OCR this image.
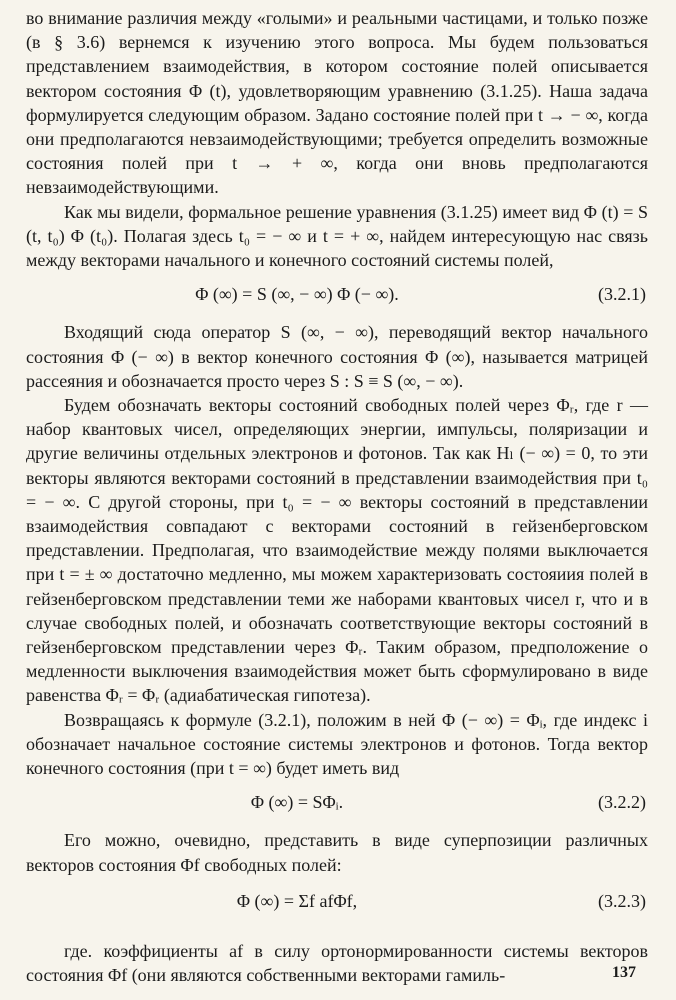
во внимание различия между «голыми» и реальными частицами, и только позже (в § 3.6) вернемся к изучению этого вопроса. Мы будем пользоваться представлением взаимодействия, в котором состояние полей описывается вектором состояния Φ (t), удовлетворяющим уравнению (3.1.25). Наша задача формулируется следующим образом. Задано состояние полей при t → − ∞, когда они предполагаются невзаимодействующими; требуется определить возможные состояния полей при t → + ∞, когда они вновь предполагаются невзаимодействующими.

Как мы видели, формальное решение уравнения (3.1.25) имеет вид Φ (t) = S (t, t₀) Φ (t₀). Полагая здесь t₀ = − ∞ и t = + ∞, найдем интересующую нас связь между векторами начального и конечного состояний системы полей,

Φ (∞) = S (∞, − ∞) Φ (− ∞).	(3.2.1)

Входящий сюда оператор S (∞, − ∞), переводящий вектор начального состояния Φ (− ∞) в вектор конечного состояния Φ (∞), называется матрицей рассеяния и обозначается просто через S : S ≡ S (∞, − ∞).

Будем обозначать векторы состояний свободных полей через Φᵣ, где r — набор квантовых чисел, определяющих энергии, импульсы, поляризации и другие величины отдельных электронов и фотонов. Так как Hₗ (− ∞) = 0, то эти векторы являются векторами состояний в представлении взаимодействия при t₀ = − ∞. С другой стороны, при t₀ = − ∞ векторы состояний в представлении взаимодействия совпадают с векторами состояний в гейзенберговском представлении. Предполагая, что взаимодействие между полями выключается при t = ± ∞ достаточно медленно, мы можем характеризовать состояиия полей в гейзенберговском представлении теми же наборами квантовых чисел r, что и в случае свободных полей, и обозначать соответствующие векторы состояний в гейзенберговском представлении через Φᵣ. Таким образом, предположение о медленности выключения взаимодействия может быть сформулировано в виде равенства Φᵣ = Φᵣ (адиабатическая гипотеза).

Возвращаясь к формуле (3.2.1), положим в ней Φ (− ∞) = Φᵢ, где индекс i обозначает начальное состояние системы электронов и фотонов. Тогда вектор конечного состояния (при t = ∞) будет иметь вид

Φ (∞) = SΦᵢ.	(3.2.2)

Его можно, очевидно, представить в виде суперпозиции различных векторов состояния Φf свободных полей:

Φ (∞) = Σf afΦf,	(3.2.3)

где. коэффициенты af в силу ортонормированности системы векторов состояния Φf (они являются собственными векторами гамиль-	137
